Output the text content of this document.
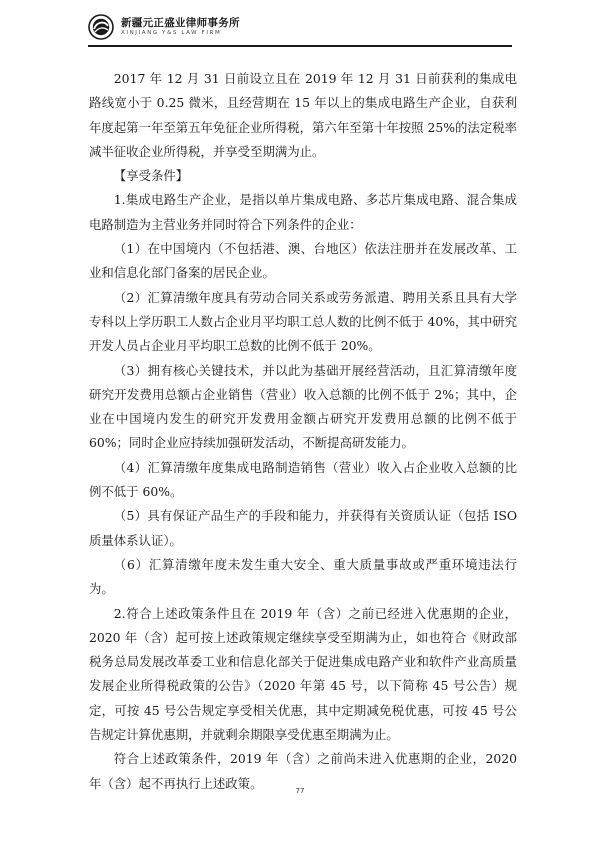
新疆元正盛业律师事务所
XINJIANG Y&S LAW FIRM

2017 年 12 月 31 日前设立且在 2019 年 12 月 31 日前获利的集成电路线宽小于 0.25 微米，且经营期在 15 年以上的集成电路生产企业，自获利年度起第一年至第五年免征企业所得税，第六年至第十年按照 25%的法定税率减半征收企业所得税，并享受至期满为止。

【享受条件】

1.集成电路生产企业，是指以单片集成电路、多芯片集成电路、混合集成电路制造为主营业务并同时符合下列条件的企业：

（1）在中国境内（不包括港、澳、台地区）依法注册并在发展改革、工业和信息化部门备案的居民企业。

（2）汇算清缴年度具有劳动合同关系或劳务派遣、聘用关系且具有大学专科以上学历职工人数占企业月平均职工总人数的比例不低于 40%，其中研究开发人员占企业月平均职工总数的比例不低于 20%。

（3）拥有核心关键技术，并以此为基础开展经营活动，且汇算清缴年度研究开发费用总额占企业销售（营业）收入总额的比例不低于 2%；其中，企业在中国境内发生的研究开发费用金额占研究开发费用总额的比例不低于 60%；同时企业应持续加强研发活动，不断提高研发能力。

（4）汇算清缴年度集成电路制造销售（营业）收入占企业收入总额的比例不低于 60%。

（5）具有保证产品生产的手段和能力，并获得有关资质认证（包括 ISO 质量体系认证）。

（6）汇算清缴年度未发生重大安全、重大质量事故或严重环境违法行为。

2.符合上述政策条件且在 2019 年（含）之前已经进入优惠期的企业，2020 年（含）起可按上述政策规定继续享受至期满为止，如也符合《财政部税务总局发展改革委工业和信息化部关于促进集成电路产业和软件产业高质量发展企业所得税政策的公告》（2020 年第 45 号，以下简称 45 号公告）规定，可按 45 号公告规定享受相关优惠，其中定期减免税优惠，可按 45 号公告规定计算优惠期，并就剩余期限享受优惠至期满为止。

符合上述政策条件，2019 年（含）之前尚未进入优惠期的企业，2020 年（含）起不再执行上述政策。

77
